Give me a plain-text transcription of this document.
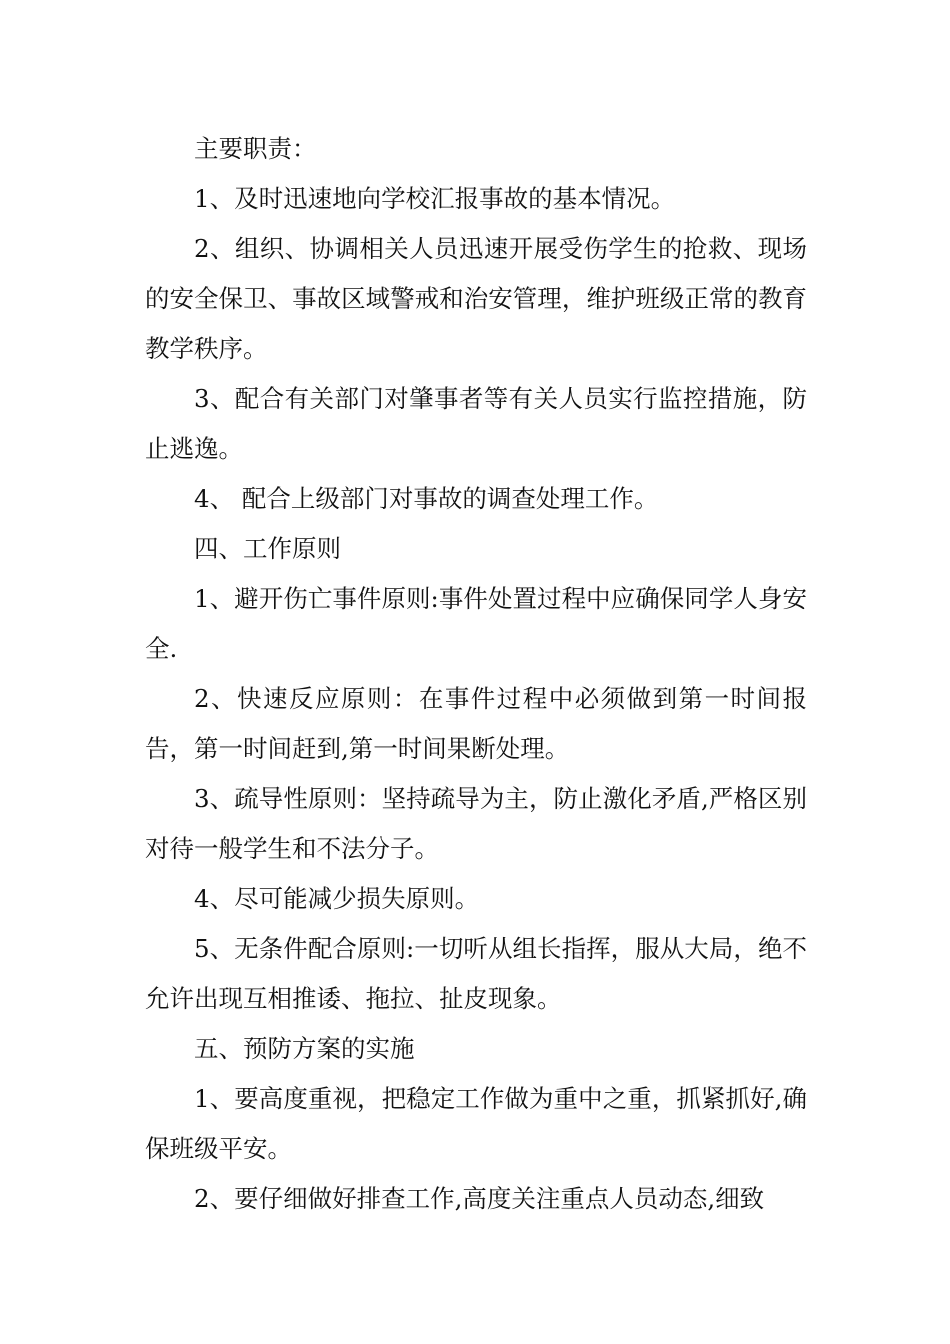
主要职责：

1、及时迅速地向学校汇报事故的基本情况。

2、组织、协调相关人员迅速开展受伤学生的抢救、现场的安全保卫、事故区域警戒和治安管理，维护班级正常的教育教学秩序。

3、配合有关部门对肇事者等有关人员实行监控措施，防止逃逸。

4、 配合上级部门对事故的调查处理工作。

四、工作原则

1、避开伤亡事件原则:事件处置过程中应确保同学人身安全.

2、快速反应原则：在事件过程中必须做到第一时间报告，第一时间赶到,第一时间果断处理。

3、疏导性原则：坚持疏导为主，防止激化矛盾,严格区别对待一般学生和不法分子。

4、尽可能减少损失原则。

5、无条件配合原则:一切听从组长指挥，服从大局，绝不允许出现互相推诿、拖拉、扯皮现象。

五、预防方案的实施

1、要高度重视，把稳定工作做为重中之重，抓紧抓好,确保班级平安。

2、要仔细做好排查工作,高度关注重点人员动态,细致
